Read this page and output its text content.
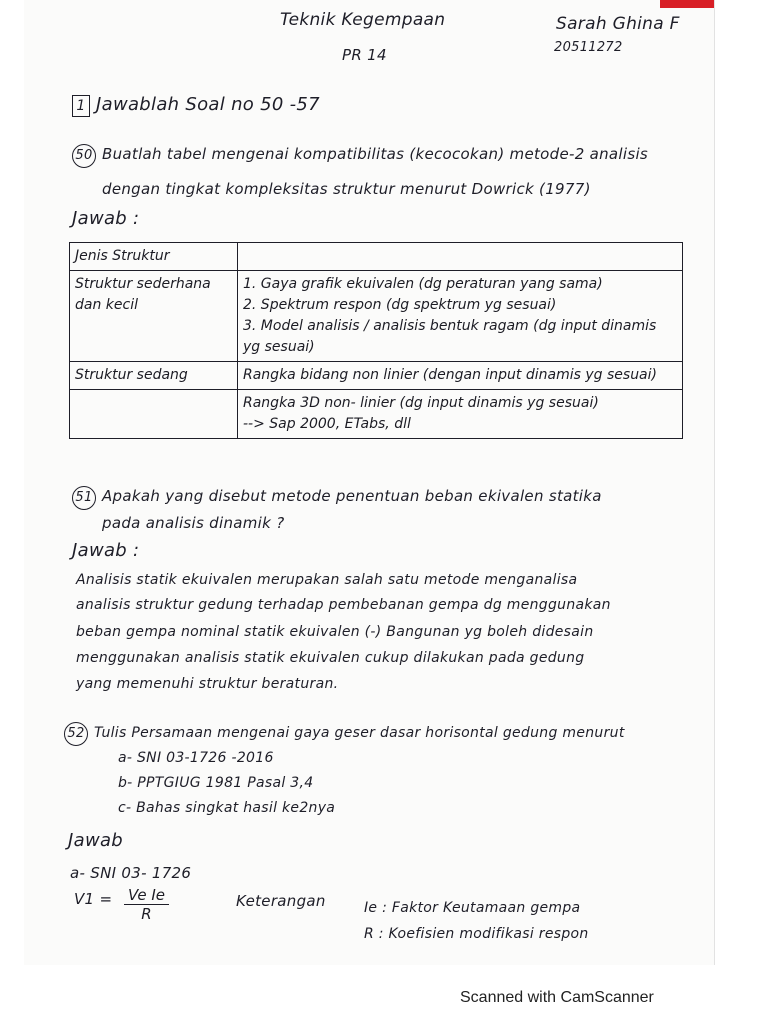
Teknik Kegempaan
PR 14
Sarah Ghina F
20511272
1 Jawablah Soal no 50 -57
50 Buatlah tabel mengenai kompatibilitas (kecocokan) metode-2 analisis
dengan tingkat kompleksitas struktur menurut Dowrick (1977)
Jawab :
Jenis Struktur	
Struktur sederhana dan kecil	1. Gaya grafik ekuivalen (dg peraturan yang sama)
2. Spektrum respon (dg spektrum yg sesuai)
3. Model analisis / analisis bentuk ragam (dg input dinamis yg sesuai)

Struktur sedang	Rangka bidang non linier (dengan input dinamis yg sesuai)

	Rangka 3D non- linier (dg input dinamis yg sesuai)
--> Sap 2000, ETabs, dll
51 Apakah yang disebut metode penentuan beban ekivalen statika
pada analisis dinamik ?
Jawab :
Analisis statik ekuivalen merupakan salah satu metode menganalisa
analisis struktur gedung terhadap pembebanan gempa dg menggunakan
beban gempa nominal statik ekuivalen (-) Bangunan yg boleh didesain
menggunakan analisis statik ekuivalen cukup dilakukan pada gedung
yang memenuhi struktur beraturan.
52 Tulis Persamaan mengenai gaya geser dasar horisontal gedung menurut
a- SNI 03-1726 -2016
b- PPTGIUG 1981 Pasal 3,4
c- Bahas singkat hasil ke2nya
Jawab
a- SNI 03- 1726
$V1 = \frac{\text{Ve Ie}}{R}$	Keterangan	Ie : Faktor Keutamaan gempa
R : Koefisien modifikasi respon
Scanned with CamScanner
